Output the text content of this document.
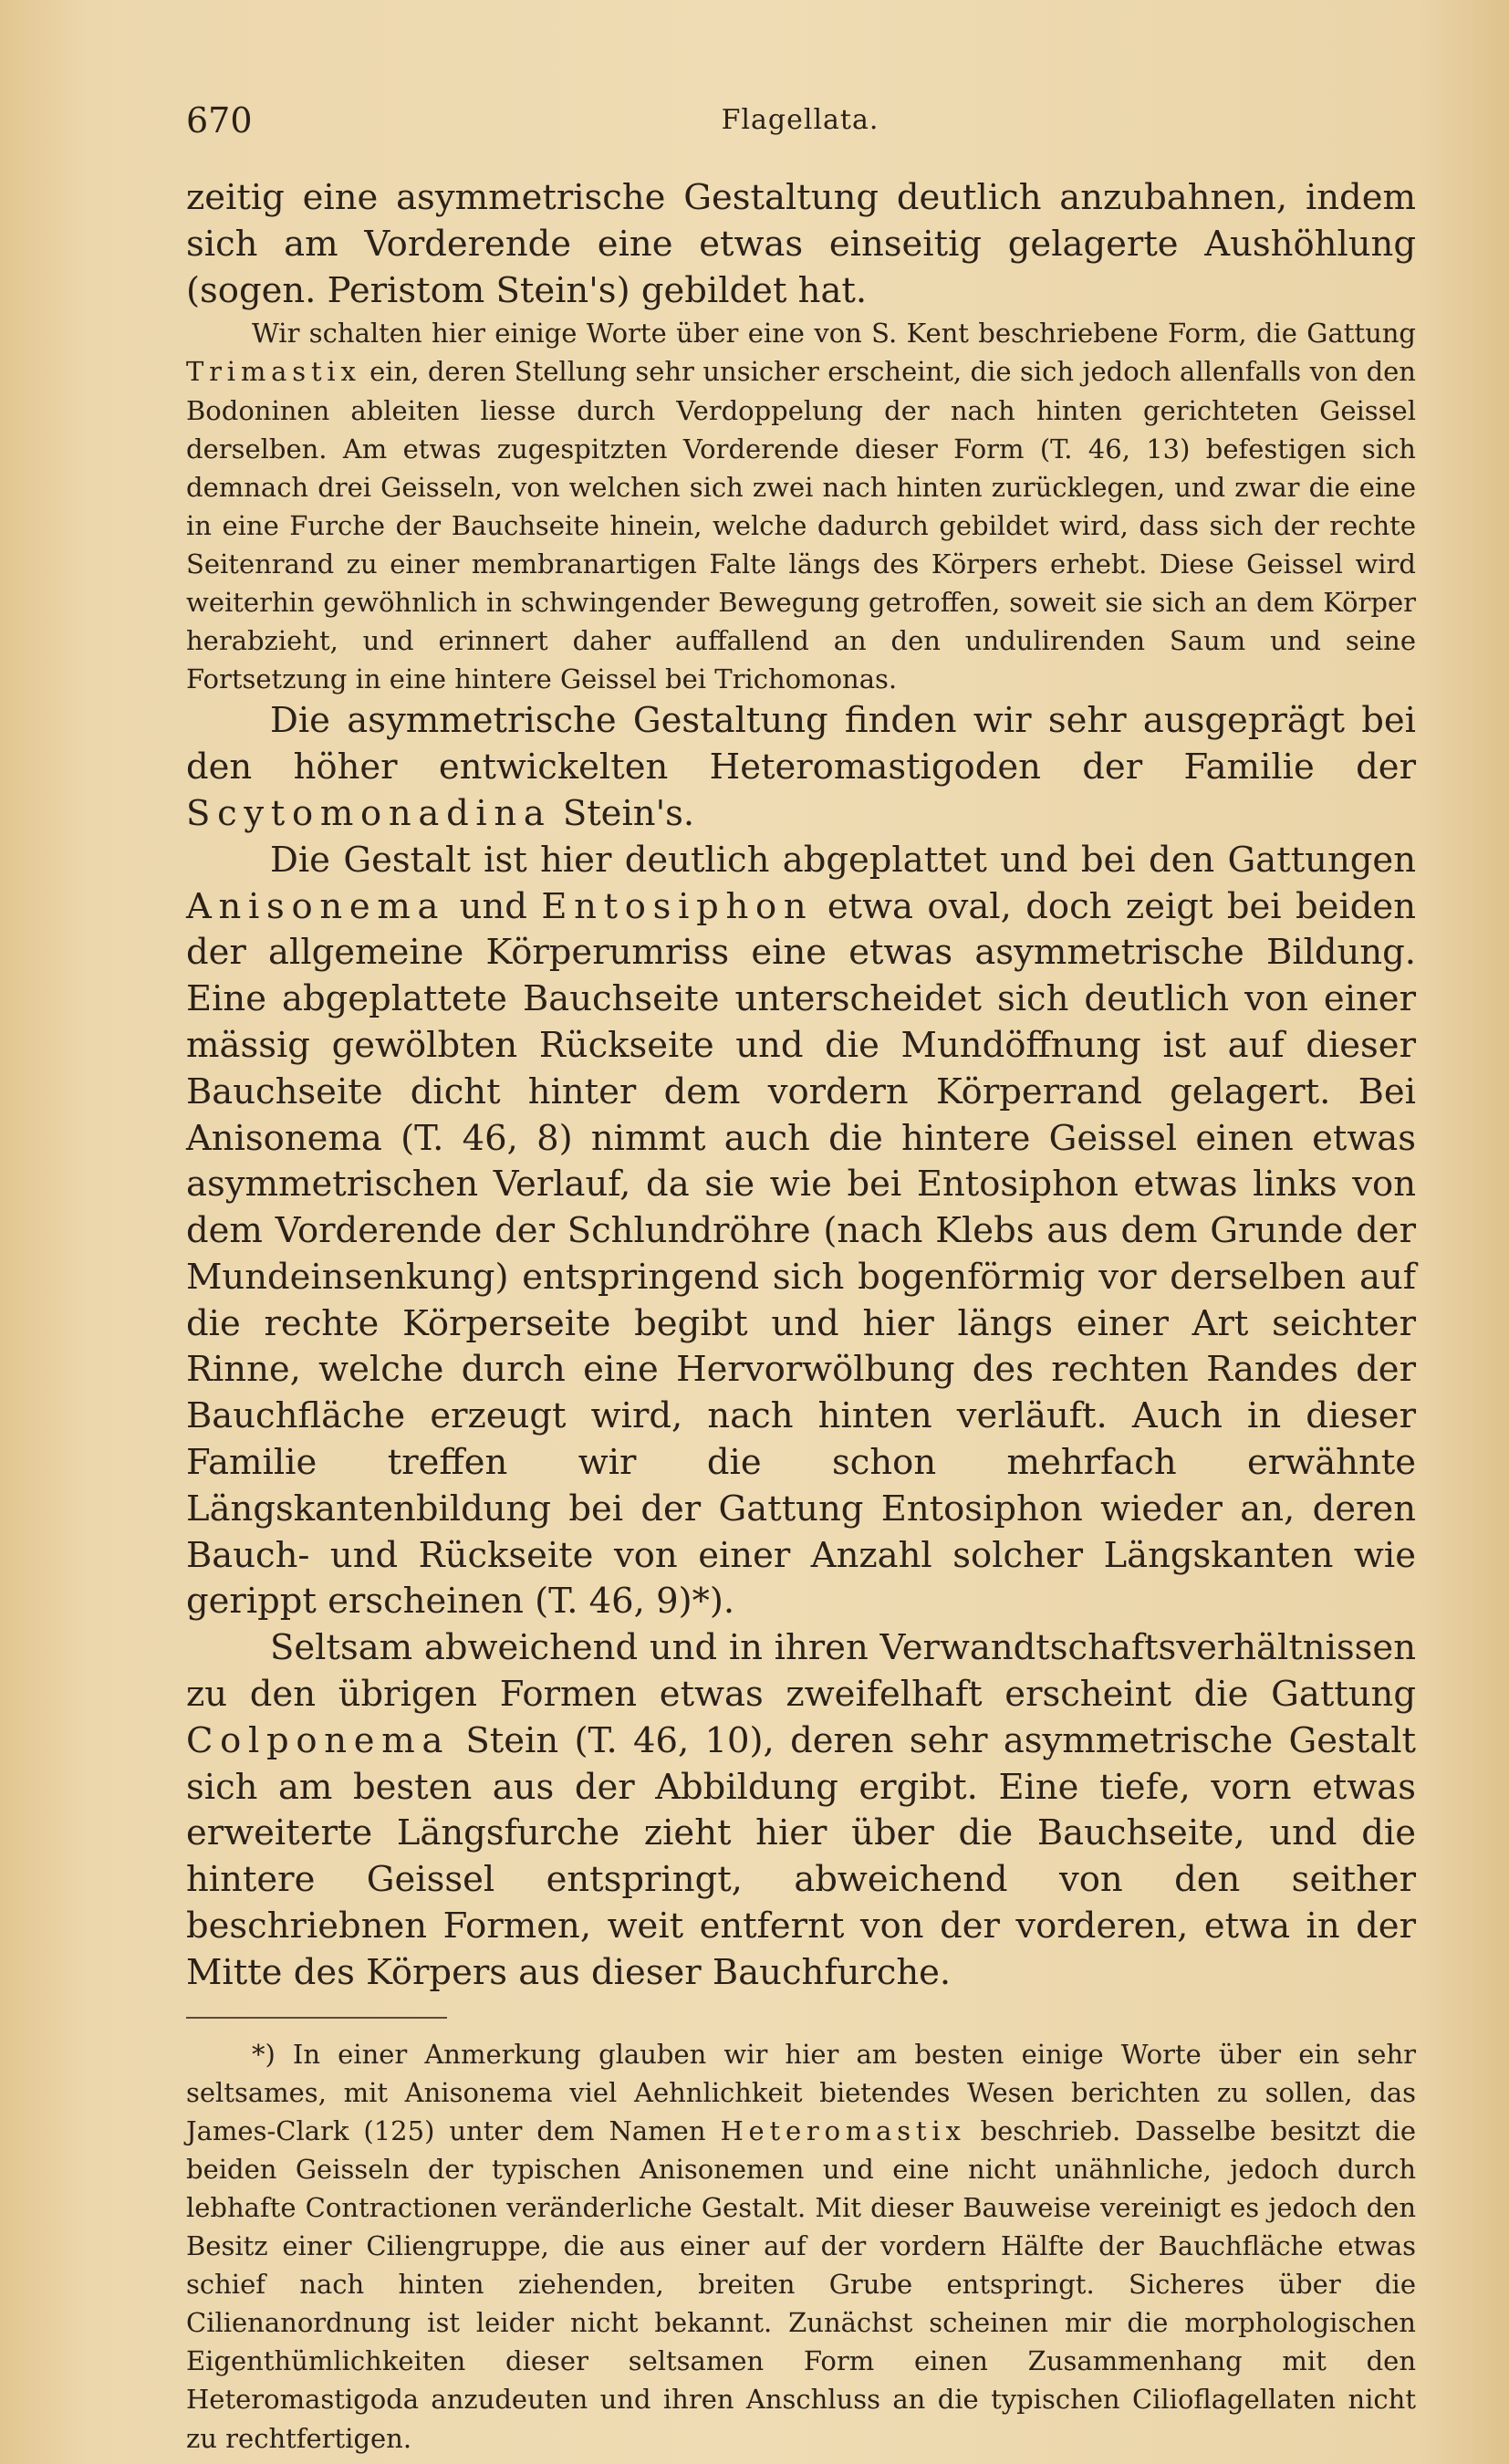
670	Flagellata.

zeitig eine asymmetrische Gestaltung deutlich anzubahnen, indem sich am Vorderende eine etwas einseitig gelagerte Aushöhlung (sogen. Peristom Stein's) gebildet hat.

Wir schalten hier einige Worte über eine von S. Kent beschriebene Form, die Gattung Trimastix ein, deren Stellung sehr unsicher erscheint, die sich jedoch allenfalls von den Bodoninen ableiten liesse durch Verdoppelung der nach hinten gerichteten Geissel derselben. Am etwas zugespitzten Vorderende dieser Form (T. 46, 13) befestigen sich demnach drei Geisseln, von welchen sich zwei nach hinten zurücklegen, und zwar die eine in eine Furche der Bauchseite hinein, welche dadurch gebildet wird, dass sich der rechte Seitenrand zu einer membranartigen Falte längs des Körpers erhebt. Diese Geissel wird weiterhin gewöhnlich in schwingender Bewegung getroffen, soweit sie sich an dem Körper herabzieht, und erinnert daher auffallend an den undulirenden Saum und seine Fortsetzung in eine hintere Geissel bei Trichomonas.

Die asymmetrische Gestaltung finden wir sehr ausgeprägt bei den höher entwickelten Heteromastigoden der Familie der Scytomonadina Stein's.

Die Gestalt ist hier deutlich abgeplattet und bei den Gattungen Anisonema und Entosiphon etwa oval, doch zeigt bei beiden der allgemeine Körperumriss eine etwas asymmetrische Bildung. Eine abgeplattete Bauchseite unterscheidet sich deutlich von einer mässig gewölbten Rückseite und die Mundöffnung ist auf dieser Bauchseite dicht hinter dem vordern Körperrand gelagert. Bei Anisonema (T. 46, 8) nimmt auch die hintere Geissel einen etwas asymmetrischen Verlauf, da sie wie bei Entosiphon etwas links von dem Vorderende der Schlundröhre (nach Klebs aus dem Grunde der Mundeinsenkung) entspringend sich bogenförmig vor derselben auf die rechte Körperseite begibt und hier längs einer Art seichter Rinne, welche durch eine Hervorwölbung des rechten Randes der Bauchfläche erzeugt wird, nach hinten verläuft. Auch in dieser Familie treffen wir die schon mehrfach erwähnte Längskantenbildung bei der Gattung Entosiphon wieder an, deren Bauch- und Rückseite von einer Anzahl solcher Längskanten wie gerippt erscheinen (T. 46, 9)*).

Seltsam abweichend und in ihren Verwandtschaftsverhältnissen zu den übrigen Formen etwas zweifelhaft erscheint die Gattung Colponema Stein (T. 46, 10), deren sehr asymmetrische Gestalt sich am besten aus der Abbildung ergibt. Eine tiefe, vorn etwas erweiterte Längsfurche zieht hier über die Bauchseite, und die hintere Geissel entspringt, abweichend von den seither beschriebnen Formen, weit entfernt von der vorderen, etwa in der Mitte des Körpers aus dieser Bauchfurche.

*) In einer Anmerkung glauben wir hier am besten einige Worte über ein sehr seltsames, mit Anisonema viel Aehnlichkeit bietendes Wesen berichten zu sollen, das James-Clark (125) unter dem Namen Heteromastix beschrieb. Dasselbe besitzt die beiden Geisseln der typischen Anisonemen und eine nicht unähnliche, jedoch durch lebhafte Contractionen veränderliche Gestalt. Mit dieser Bauweise vereinigt es jedoch den Besitz einer Ciliengruppe, die aus einer auf der vordern Hälfte der Bauchfläche etwas schief nach hinten ziehenden, breiten Grube entspringt. Sicheres über die Cilienanordnung ist leider nicht bekannt. Zunächst scheinen mir die morphologischen Eigenthümlichkeiten dieser seltsamen Form einen Zusammenhang mit den Heteromastigoda anzudeuten und ihren Anschluss an die typischen Cilioflagellaten nicht zu rechtfertigen.
